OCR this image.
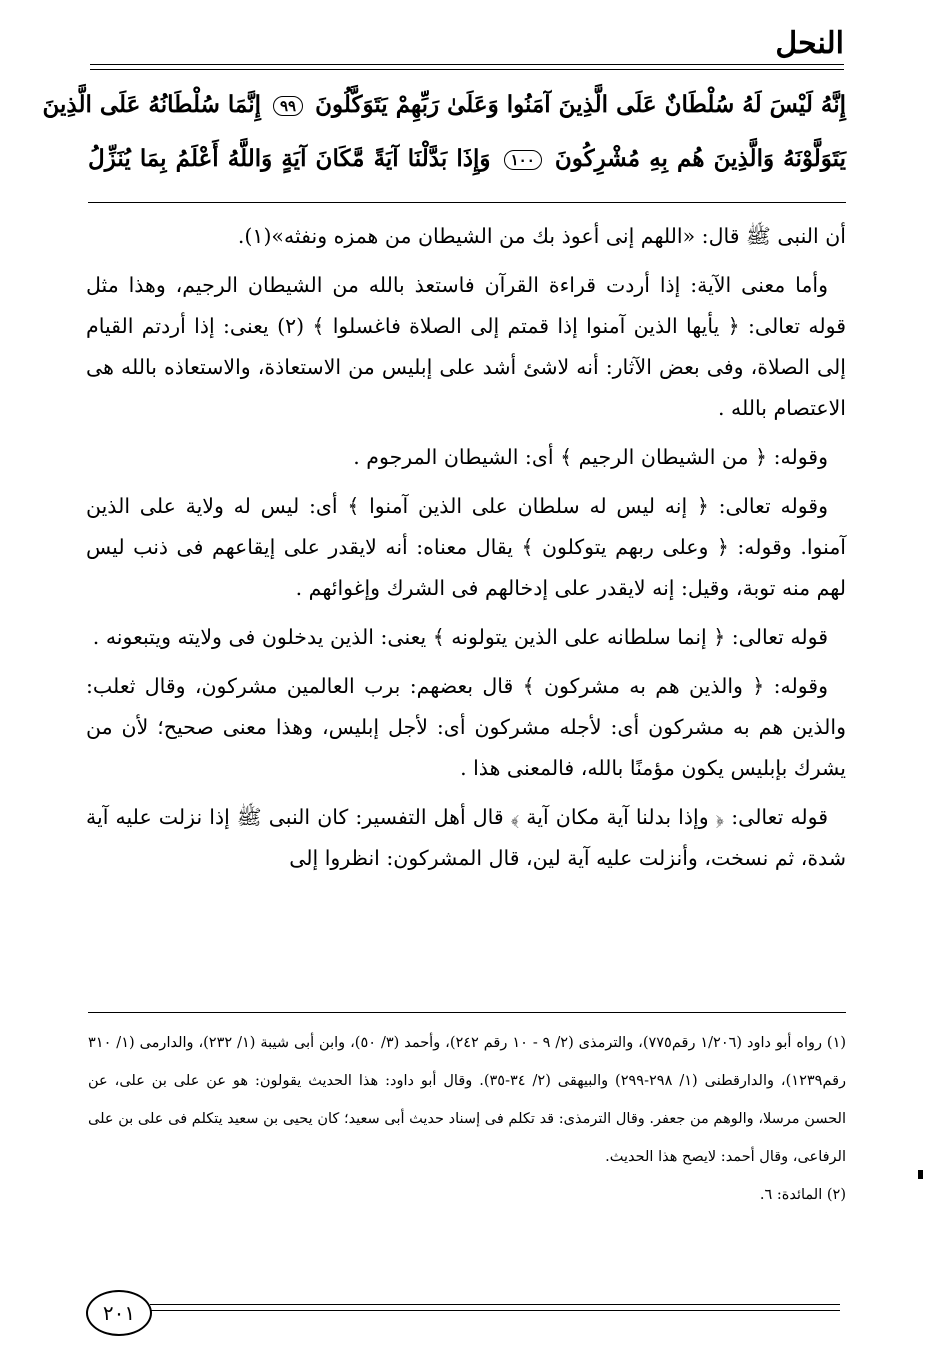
النحل
إِنَّهُ لَيْسَ لَهُ سُلْطَانٌ عَلَى الَّذِينَ آمَنُوا وَعَلَىٰ رَبِّهِمْ يَتَوَكَّلُونَ ٩٩ إِنَّمَا سُلْطَانُهُ عَلَى الَّذِينَ
يَتَوَلَّوْنَهُ وَالَّذِينَ هُم بِهِ مُشْرِكُونَ ١٠٠ وَإِذَا بَدَّلْنَا آيَةً مَّكَانَ آيَةٍ وَاللَّهُ أَعْلَمُ بِمَا يُنَزِّلُ

أن النبى ﷺ قال: «اللهم إنى أعوذ بك من الشيطان من همزه ونفثه»(١).

وأما معنى الآية: إذا أردت قراءة القرآن فاستعذ بالله من الشيطان الرجيم، وهذا مثل قوله تعالى: ﴿ يأيها الذين آمنوا إذا قمتم إلى الصلاة فاغسلوا ﴾ (٢) يعنى: إذا أردتم القيام إلى الصلاة، وفى بعض الآثار: أنه لاشئ أشد على إبليس من الاستعاذة، والاستعاذه بالله هى الاعتصام بالله .

وقوله: ﴿ من الشيطان الرجيم ﴾ أى: الشيطان المرجوم .

وقوله تعالى: ﴿ إنه ليس له سلطان على الذين آمنوا ﴾ أى: ليس له ولاية على الذين آمنوا. وقوله: ﴿ وعلى ربهم يتوكلون ﴾ يقال معناه: أنه لايقدر على إيقاعهم فى ذنب ليس لهم منه توبة، وقيل: إنه لايقدر على إدخالهم فى الشرك وإغوائهم .

قوله تعالى: ﴿ إنما سلطانه على الذين يتولونه ﴾ يعنى: الذين يدخلون فى ولايته ويتبعونه .

وقوله: ﴿ والذين هم به مشركون ﴾ قال بعضهم: برب العالمين مشركون، وقال ثعلب: والذين هم به مشركون أى: لأجله مشركون أى: لأجل إبليس، وهذا معنى صحيح؛ لأن من يشرك بإبليس يكون مؤمنًا بالله، فالمعنى هذا .

قوله تعالى: ﴿ وإذا بدلنا آية مكان آية ﴾ قال أهل التفسير: كان النبى ﷺ إذا نزلت عليه آية شدة، ثم نسخت، وأنزلت عليه آية لين، قال المشركون: انظروا إلى

(١) رواه أبو داود (١/٢٠٦ رقم٧٧٥)، والترمذى (٢/ ٩ - ١٠ رقم ٢٤٢)، وأحمد (٣/ ٥٠)، وابن أبى شيبة (١/ ٢٣٢)، والدارمى (١/ ٣١٠ رقم١٢٣٩)، والدارقطنى (١/ ٢٩٨-٢٩٩) والبيهقى (٢/ ٣٤-٣٥). وقال أبو داود: هذا الحديث يقولون: هو عن على بن على، عن الحسن مرسلا، والوهم من جعفر. وقال الترمذى: قد تكلم فى إسناد حديث أبى سعيد؛ كان يحيى بن سعيد يتكلم فى على بن على الرفاعى، وقال أحمد: لايصح هذا الحديث.

(٢) المائدة: ٦.

٢٠١
